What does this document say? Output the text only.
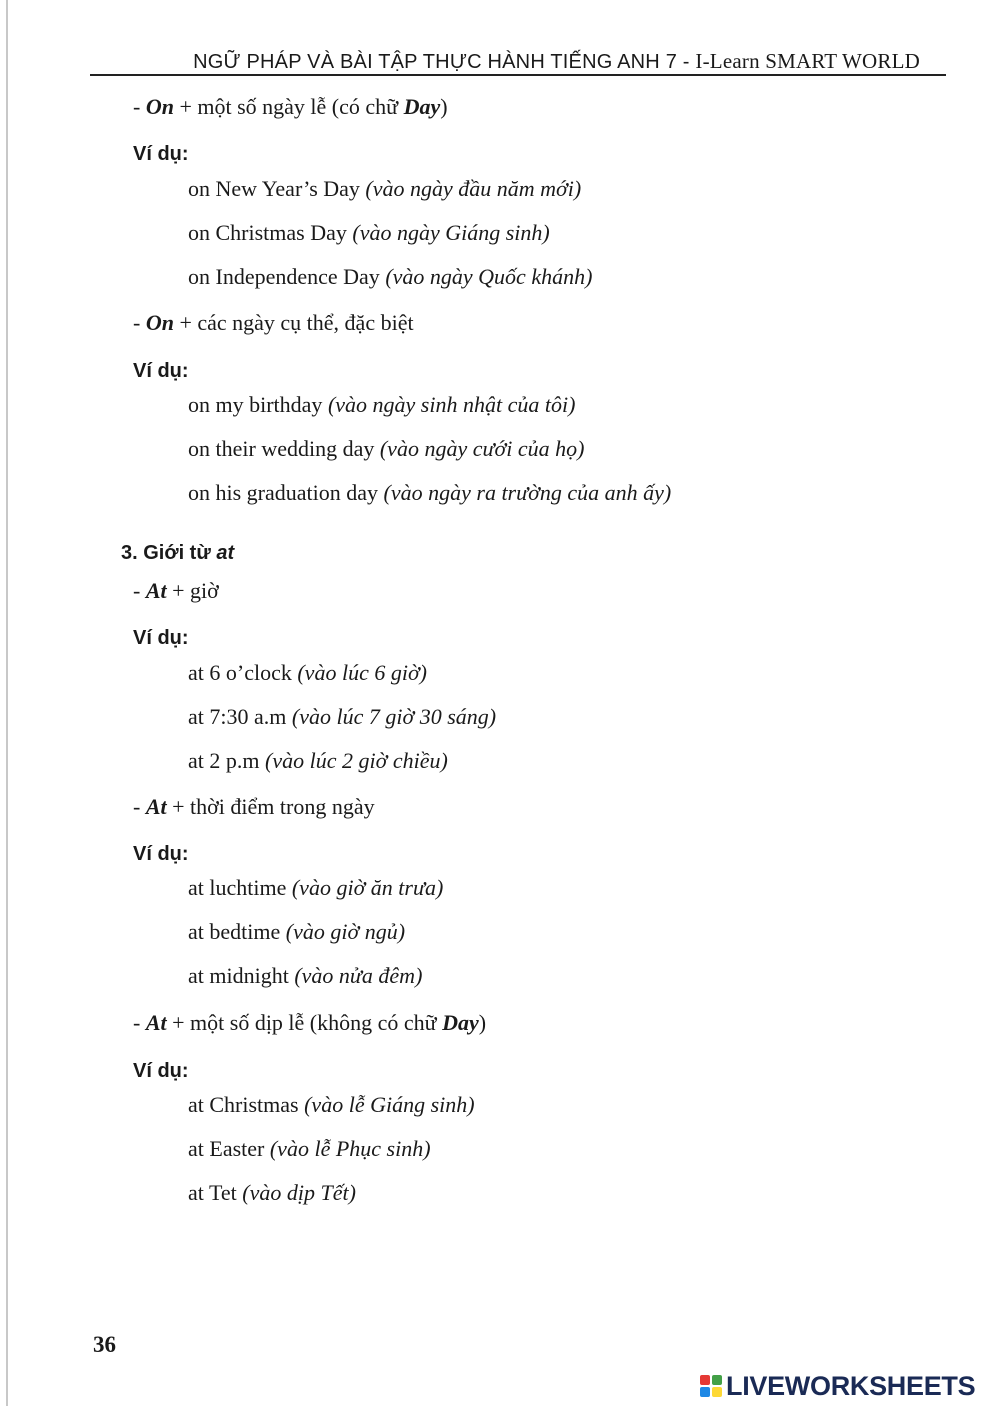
NGỮ PHÁP VÀ BÀI TẬP THỰC HÀNH TIẾNG ANH 7 - I-Learn SMART WORLD
- On + một số ngày lễ (có chữ Day)
Ví dụ:
on New Year’s Day (vào ngày đầu năm mới)
on Christmas Day (vào ngày Giáng sinh)
on Independence Day (vào ngày Quốc khánh)
- On + các ngày cụ thể, đặc biệt
Ví dụ:
on my birthday (vào ngày sinh nhật của tôi)
on their wedding day (vào ngày cưới của họ)
on his graduation day (vào ngày ra trường của anh ấy)
3. Giới từ at
- At + giờ
Ví dụ:
at 6 o’clock (vào lúc 6 giờ)
at 7:30 a.m (vào lúc 7 giờ 30 sáng)
at 2 p.m (vào lúc 2 giờ chiều)
- At + thời điểm trong ngày
Ví dụ:
at luchtime (vào giờ ăn trưa)
at bedtime (vào giờ ngủ)
at midnight (vào nửa đêm)
- At + một số dịp lễ (không có chữ Day)
Ví dụ:
at Christmas (vào lễ Giáng sinh)
at Easter (vào lễ Phục sinh)
at Tet (vào dịp Tết)
36
LIVEWORKSHEETS
